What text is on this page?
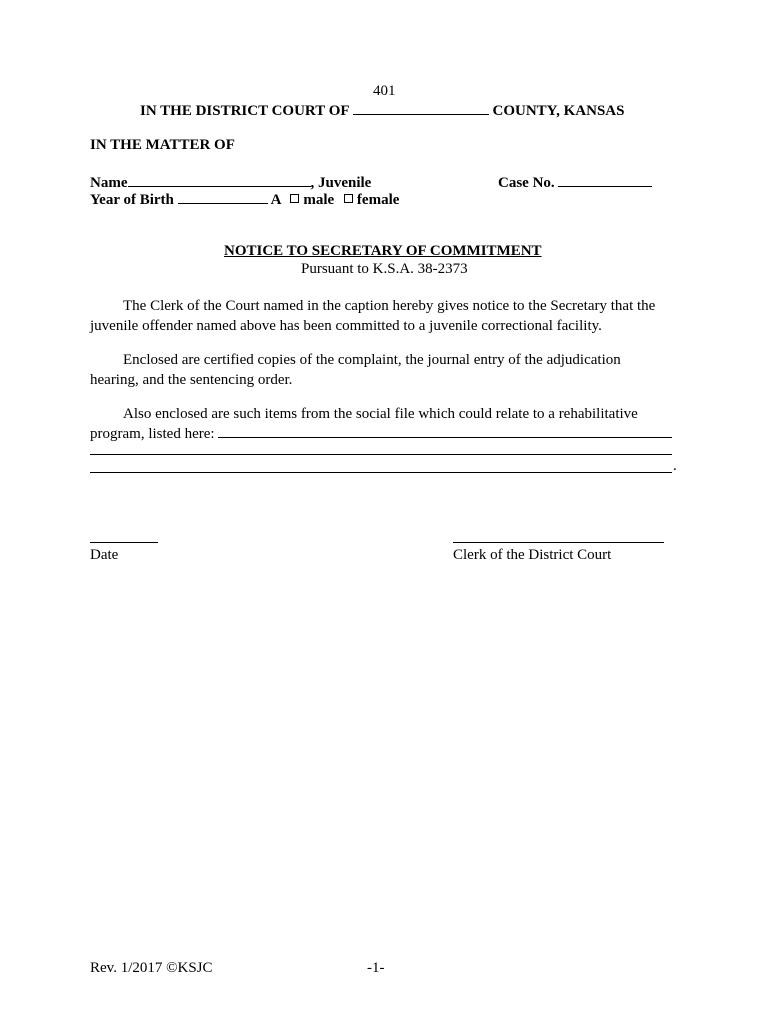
401
IN THE DISTRICT COURT OF	COUNTY, KANSAS
IN THE MATTER OF
Name	, Juvenile	Case No.
Year of Birth	A male female
NOTICE TO SECRETARY OF COMMITMENT
Pursuant to K.S.A. 38-2373
The Clerk of the Court named in the caption hereby gives notice to the Secretary that the
juvenile offender named above has been committed to a juvenile correctional facility.
Enclosed are certified copies of the complaint, the journal entry of the adjudication
hearing, and the sentencing order.
Also enclosed are such items from the social file which could relate to a rehabilitative
program, listed here:
.
Date	Clerk of the District Court
Rev. 1/2017 ©KSJC	-1-
